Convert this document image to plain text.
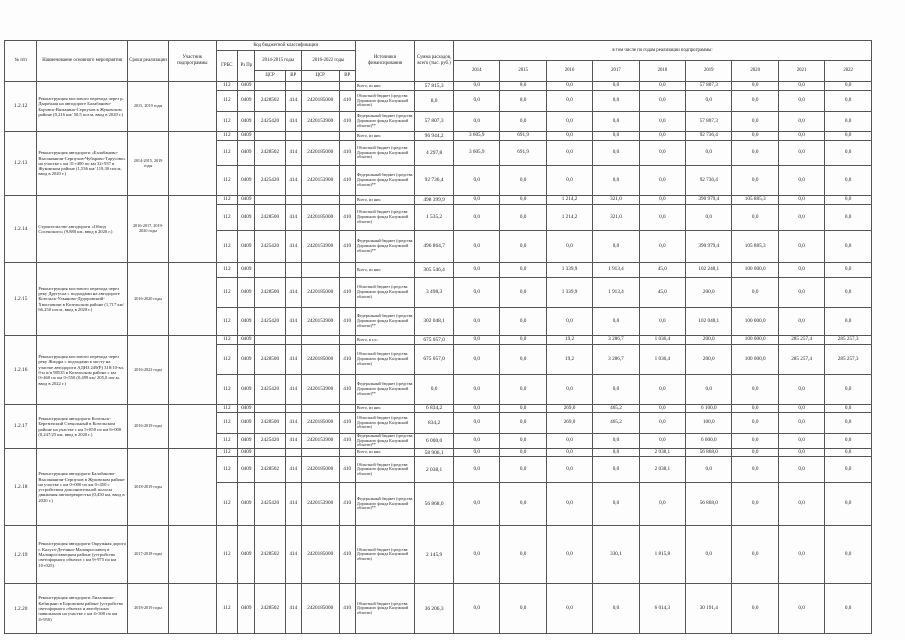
№ п/п	Наименование основного мероприятия	Сроки реализации	Участник подпрограммы	Код бюджетной классификации						Источники финансирования	Сумма расходов, всего (тыс. руб.)	в том числе по годам реализации подпрограммы:								
				ГРБС	Рз Пр	2014-2015 годы		2016-2022 годы												
												2014	2015	2016	2017	2018	2019	2020	2021	2022
						ЦСР	ВР	ЦСР	ВР											
1.2.12	Реконструкция мостового перехода через р. Дырочная на автодороге Балабаново-Боровск-Вязьмино-Серпухов в Жуковском районе (0,216 км/ 50,5 пог.м, ввод в 2020 г.)	2015, 2019 годы		112	0409					Всего, из них:	57 815,3	0,0	8,0	0,0	0,0	0,0	57 807,3	0,0	0,0	0,0
				112	0409	2428502	414	2420185000	410	Областной бюджет (средства Дорожного фонда Калужской области)	8,0	0,0	8,0	0,0	0,0	0,0	0,0	0,0	0,0	0,0
				112	0409	2425420	414	2420153900	410	Федеральный бюджет (средства Дорожного фонда Калужской области)**	57 807,3	0,0	0,0	0,0	0,0	0,0	57 807,3	0,0	0,0	0,0
1.2.13	Реконструкция автодороги «Балабаново-Высокиничи-Серпухов-Чубарово-Тарусово» на участке с км 31+400 по км 32+937 в Жуковском районе (1,536 км/ 119,30 пог.м, ввод в 2020 г.)	2014-2015, 2019 годы		112	0409					Всего, из них:	96 944,2	3 605,9	691,9	0,0	0,0	0,0	92 736,4	0,0	0,0	0,0
				112	0409	2428502	414	2420185000	410	Областной бюджет (средства Дорожного фонда Калужской области)	4 297,8	3 605,9	691,9	0,0	0,0	0,0	0,0	0,0	0,0	0,0
				112	0409	2425420	414	2420153900	410	Федеральный бюджет (средства Дорожного фонда Калужской области)**	92 736,4	0,0	0,0	0,0	0,0	0,0	92 736,4	0,0	0,0	0,0
1.2.14	Строительство автодороги «Обход Сосенского» (9,880 км, ввод в 2020 г.)	2016-2017, 2019-2020 годы		112	0409					Всего, из них:	498 399,9	0,0	0,0	1 214,2	321,0	0,0	390 979,4	105 885,3	0,0	0,0
				112	0409	2428500	414	2420185000	410	Областной бюджет (средства Дорожного фонда Калужской области)	1 535,2	0,0	0,0	1 214,2	321,0	0,0	0,0	0,0	0,0	0,0
				112	0409	2425420	414	2420153900	410	Федеральный бюджет (средства Дорожного фонда Калужской области)**	496 864,7	0,0	0,0	0,0	0,0	0,0	390 979,4	105 885,3	0,0	0,0
1.2.15	Реконструкция мостового перехода через реку Другуска с подходами на автодороге Козельск-Ульяново-Дудоровский-Хвастовичи в Козельском районе (1,717 км/ 66,250 пог.м, ввод в 2020 г.)	2016-2020 годы		112	0409					Всего, из них:	305 546,4	0,0	0,0	1 339,9	1 913,4	45,0	102 248,1	100 000,0	0,0	0,0
				112	0409	2428500	414	2420185000	410	Областной бюджет (средства Дорожного фонда Калужской области)	3 498,3	0,0	0,0	1 339,9	1 913,4	45,0	200,0	0,0	0,0	0,0
				112	0409	2425420	414	2420153900	410	Федеральный бюджет (средства Дорожного фонда Калужской области)**	302 048,1	0,0	0,0	0,0	0,0	0,0	102 048,1	100 000,0	0,0	0,0
1.2.16	Реконструкция мостового перехода через реку Жиздра с подходами к мосту на участке автодороги АДНЗ 249(Р) 318/10-вл. б-н п/п 98535 в Козельском районе с км 0+460 по км 0+550 (0,499 км/ 205,0 пог.м, ввод в 2022 г.)	2016-2022 годы		112	0409					Всего, в т.ч.:	675 057,0	0,0	0,0	19,2	3 286,7	1 036,4	200,0	100 000,0	285 257,4	285 257,3
				112	0409	2428500	414	2420185000	410	Областной бюджет (средства Дорожного фонда Калужской области)	675 057,0	0,0	0,0	19,2	3 286,7	1 036,4	200,0	100 000,0	285 257,4	285 257,3
				112	0409	2425420	414	2420153900	410	Федеральный бюджет (средства Дорожного фонда Калужской области)**	0,0	0,0	0,0	0,0	0,0	0,0	0,0	0,0	0,0	0,0
1.2.17	Реконструкция автодороги Козельск-Березичский Стекольный в Козельском районе на участке с км 5+850 по км 6+000 (0,247/25 км, ввод в 2020 г.)	2016-2019 годы		112	0409					Всего, из них:	6 834,2	0,0	0,0	269,0	465,2	0,0	6 100,0	0,0	0,0	0,0
				112	0409	2428500	414	2420185000	410	Областной бюджет (средства Дорожного фонда Калужской области)	834,2	0,0	0,0	269,0	465,2	0,0	100,0	0,0	0,0	0,0
				112	0409	2425420	414	2420153900	410	Федеральный бюджет (средства Дорожного фонда Калужской области)**	6 000,0	0,0	0,0	0,0	0,0	0,0	6 000,0	0,0	0,0	0,0
1.2.18	Реконструкция автодороги Балабаново-Высокиничи-Серпухов в Жуковском районе на участке с км 0+000 по км 0+450 с устройством дополнительной полосы движения автоперекрестка (0,450 км, ввод в 2020 г.)	2018-2019 годы		112	0409					Всего, из них:	58 906,1	0,0	0,0	0,0	0,0	2 038,1	56 868,0	0,0	0,0	0,0
				112	0409	2428502	414	2420185000	410	Областной бюджет (средства Дорожного фонда Калужской области)	2 038,1	0,0	0,0	0,0	0,0	2 038,1	0,0	0,0	0,0	0,0
				112	0409	2425420	414	2420153900	410	Федеральный бюджет (средства Дорожного фонда Калужской области)**	56 868,0	0,0	0,0	0,0	0,0	0,0	56 868,0	0,0	0,0	0,0
1.2.19	Реконструкция автодороги Окружная дорога г. Калуга-Детчино-Малоярославец в Малоярославецком районе (устройство светофорного объекта с км 9+975 по км 10+025)	2017-2018 годы		112	0409	2428502	414	2420185000	410	Областной бюджет (средства Дорожного фонда Калужской области)	2 145,9	0,0	0,0	0,0	330,1	1 815,8	0,0	0,0	0,0	0,0
1.2.20	Реконструкция автодороги Лихалкино-Кабицыно в Боровском районе (устройство светофорного объекта и автобусных павильонов на участке с км 4+300 по км 4+950)	2018-2019 годы		112	0409	2428502	414	2420185000	410	Областной бюджет (средства Дорожного фонда Калужской области)	36 206,3	0,0	0,0	0,0	0,0	6 014,3	30 191,4	0,0	0,0	0,0
